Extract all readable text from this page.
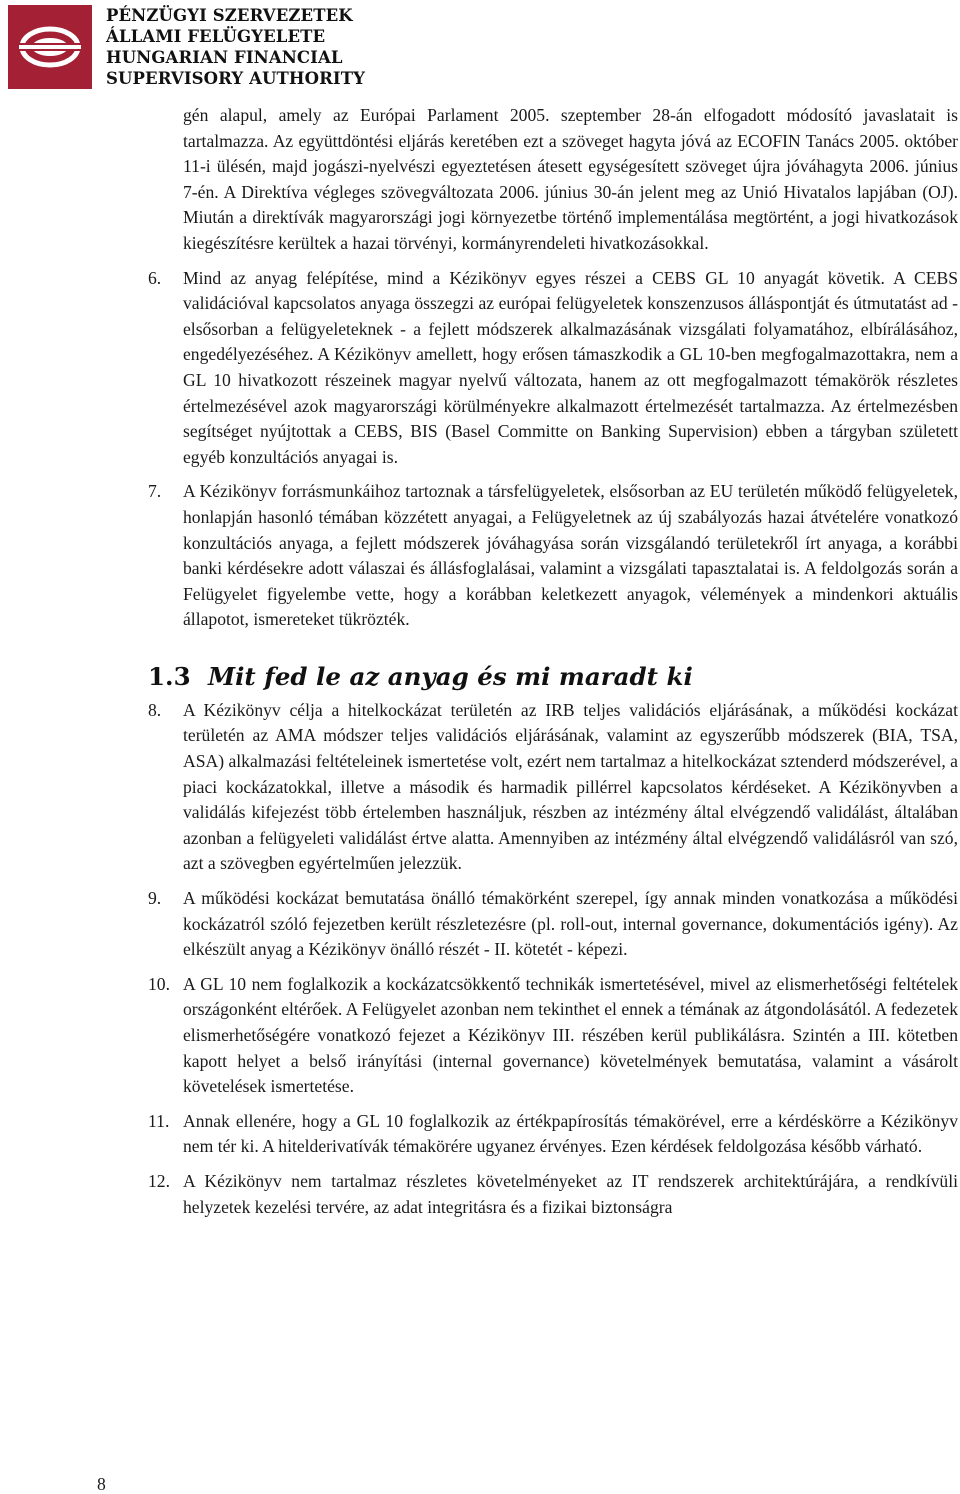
PÉNZÜGYI SZERVEZETEK
ÁLLAMI FELÜGYELETE
HUNGARIAN FINANCIAL
SUPERVISORY AUTHORITY
gén alapul, amely az Európai Parlament 2005. szeptember 28-án elfogadott módosító javaslatait is tartalmazza. Az együttdöntési eljárás keretében ezt a szöveget hagyta jóvá az ECOFIN Tanács 2005. október 11-i ülésén, majd jogászi-nyelvészi egyeztetésen átesett egységesített szöveget újra jóváhagyta 2006. június 7-én. A Direktíva végleges szövegváltozata 2006. június 30-án jelent meg az Unió Hivatalos lapjában (OJ). Miután a direktívák magyarországi jogi környezetbe történő implementálása megtörtént, a jogi hivatkozások kiegészítésre kerültek a hazai törvényi, kormányrendeleti hivatkozásokkal.
6.	Mind az anyag felépítése, mind a Kézikönyv egyes részei a CEBS GL 10 anyagát követik. A CEBS validációval kapcsolatos anyaga összegzi az európai felügyeletek konszenzusos álláspontját és útmutatást ad - elsősorban a felügyeleteknek - a fejlett módszerek alkalmazásának vizsgálati folyamatához, elbírálásához, engedélyezéséhez. A Kézikönyv amellett, hogy erősen támaszkodik a GL 10-ben megfogalmazottakra, nem a GL 10 hivatkozott részeinek magyar nyelvű változata, hanem az ott megfogalmazott témakörök részletes értelmezésével azok magyarországi körülményekre alkalmazott értelmezését tartalmazza. Az értelmezésben segítséget nyújtottak a CEBS, BIS (Basel Committe on Banking Supervision) ebben a tárgyban született egyéb konzultációs anyagai is.
7.	A Kézikönyv forrásmunkáihoz tartoznak a társfelügyeletek, elsősorban az EU területén működő felügyeletek, honlapján hasonló témában közzétett anyagai, a Felügyeletnek az új szabályozás hazai átvételére vonatkozó konzultációs anyaga, a fejlett módszerek jóváhagyása során vizsgálandó területekről írt anyaga, a korábbi banki kérdésekre adott válaszai és állásfoglalásai, valamint a vizsgálati tapasztalatai is. A feldolgozás során a Felügyelet figyelembe vette, hogy a korábban keletkezett anyagok, vélemények a mindenkori aktuális állapotot, ismereteket tükrözték.
1.3 Mit fed le az anyag és mi maradt ki
8.	A Kézikönyv célja a hitelkockázat területén az IRB teljes validációs eljárásának, a működési kockázat területén az AMA módszer teljes validációs eljárásának, valamint az egyszerűbb módszerek (BIA, TSA, ASA) alkalmazási feltételeinek ismertetése volt, ezért nem tartalmaz a hitelkockázat sztenderd módszerével, a piaci kockázatokkal, illetve a második és harmadik pillérrel kapcsolatos kérdéseket. A Kézikönyvben a validálás kifejezést több értelemben használjuk, részben az intézmény által elvégzendő validálást, általában azonban a felügyeleti validálást értve alatta. Amennyiben az intézmény által elvégzendő validálásról van szó, azt a szövegben egyértelműen jelezzük.
9.	A működési kockázat bemutatása önálló témakörként szerepel, így annak minden vonatkozása a működési kockázatról szóló fejezetben került részletezésre (pl. roll-out, internal governance, dokumentációs igény). Az elkészült anyag a Kézikönyv önálló részét - II. kötetét - képezi.
10. A GL 10 nem foglalkozik a kockázatcsökkentő technikák ismertetésével, mivel az elismerhetőségi feltételek országonként eltérőek. A Felügyelet azonban nem tekinthet el ennek a témának az átgondolásától. A fedezetek elismerhetőségére vonatkozó fejezet a Kézikönyv III. részében kerül publikálásra. Szintén a III. kötetben kapott helyet a belső irányítási (internal governance) követelmények bemutatása, valamint a vásárolt követelések ismertetése.
11. Annak ellenére, hogy a GL 10 foglalkozik az értékpapírosítás témakörével, erre a kérdéskörre a Kézikönyv nem tér ki. A hitelderivatívák témakörére ugyanez érvényes. Ezen kérdések feldolgozása később várható.
12. A Kézikönyv nem tartalmaz részletes követelményeket az IT rendszerek architektúrájára, a rendkívüli helyzetek kezelési tervére, az adat integritásra és a fizikai biztonságra
8
